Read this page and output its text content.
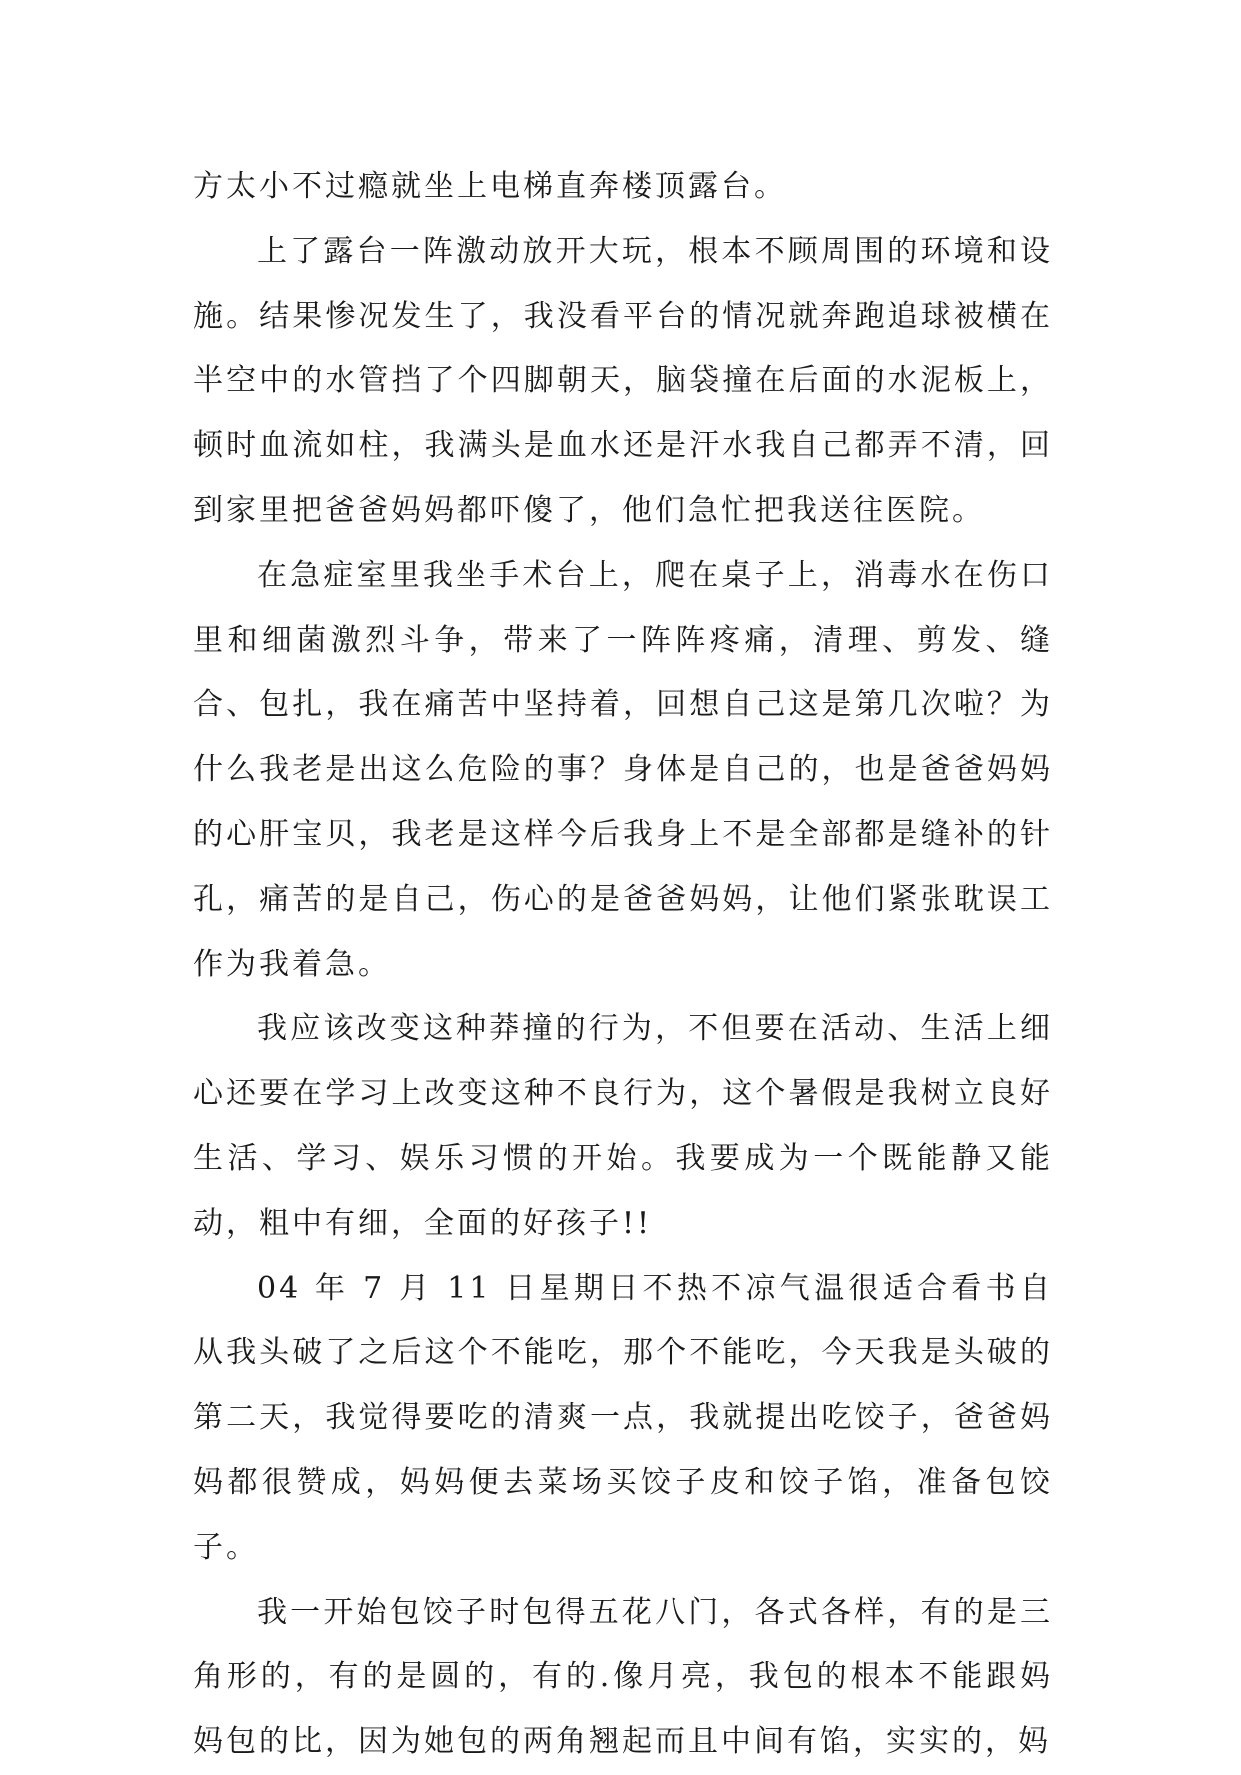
方太小不过瘾就坐上电梯直奔楼顶露台。

上了露台一阵激动放开大玩，根本不顾周围的环境和设施。结果惨况发生了，我没看平台的情况就奔跑追球被横在半空中的水管挡了个四脚朝天，脑袋撞在后面的水泥板上，顿时血流如柱，我满头是血水还是汗水我自己都弄不清，回到家里把爸爸妈妈都吓傻了，他们急忙把我送往医院。

在急症室里我坐手术台上，爬在桌子上，消毒水在伤口里和细菌激烈斗争，带来了一阵阵疼痛，清理、剪发、缝合、包扎，我在痛苦中坚持着，回想自己这是第几次啦？为什么我老是出这么危险的事？身体是自己的，也是爸爸妈妈的心肝宝贝，我老是这样今后我身上不是全部都是缝补的针孔，痛苦的是自己，伤心的是爸爸妈妈，让他们紧张耽误工作为我着急。

我应该改变这种莽撞的行为，不但要在活动、生活上细心还要在学习上改变这种不良行为，这个暑假是我树立良好生活、学习、娱乐习惯的开始。我要成为一个既能静又能动，粗中有细，全面的好孩子!!

04 年 7 月 11 日星期日不热不凉气温很适合看书自从我头破了之后这个不能吃，那个不能吃，今天我是头破的第二天，我觉得要吃的清爽一点，我就提出吃饺子，爸爸妈妈都很赞成，妈妈便去菜场买饺子皮和饺子馅，准备包饺子。

我一开始包饺子时包得五花八门，各式各样，有的是三角形的，有的是圆的，有的.像月亮，我包的根本不能跟妈妈包的比，因为她包的两角翘起而且中间有馅，实实的，妈
